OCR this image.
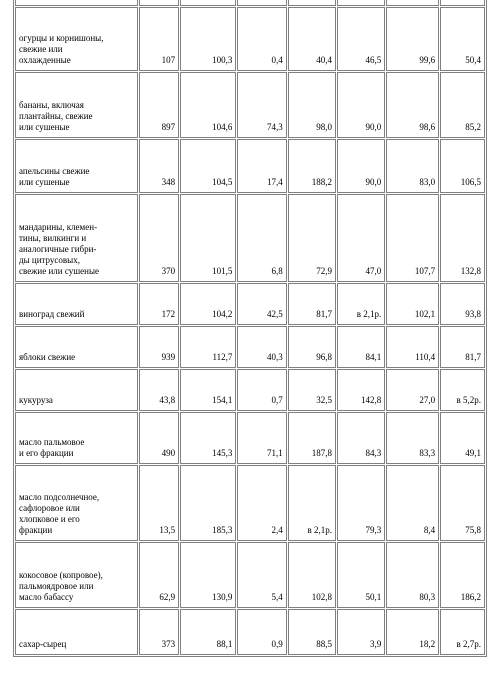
огурцы и корнишоны,
свежие или
охлажденные	107	100,3	0,4	40,4	46,5	99,6	50,4
бананы, включая
плантайны, свежие
или сушеные	897	104,6	74,3	98,0	90,0	98,6	85,2
апельсины свежие
или сушеные	348	104,5	17,4	188,2	90,0	83,0	106,5
мандарины, клемен-
тины, вилкинги и
аналогичные гибри-
ды цитрусовых,
свежие или сушеные	370	101,5	6,8	72,9	47,0	107,7	132,8
виноград свежий	172	104,2	42,5	81,7	в 2,1р.	102,1	93,8
яблоки свежие	939	112,7	40,3	96,8	84,1	110,4	81,7
кукуруза	43,8	154,1	0,7	32,5	142,8	27,0	в 5,2р.
масло пальмовое
и его фракции	490	145,3	71,1	187,8	84,3	83,3	49,1
масло подсолнечное,
сафлоровое или
хлопковое и его
фракции	13,5	185,3	2,4	в 2,1р.	79,3	8,4	75,8
кокосовое (копровое),
пальмоядровое или
масло бабассу	62,9	130,9	5,4	102,8	50,1	80,3	186,2
сахар-сырец	373	88,1	0,9	88,5	3,9	18,2	в 2,7р.
